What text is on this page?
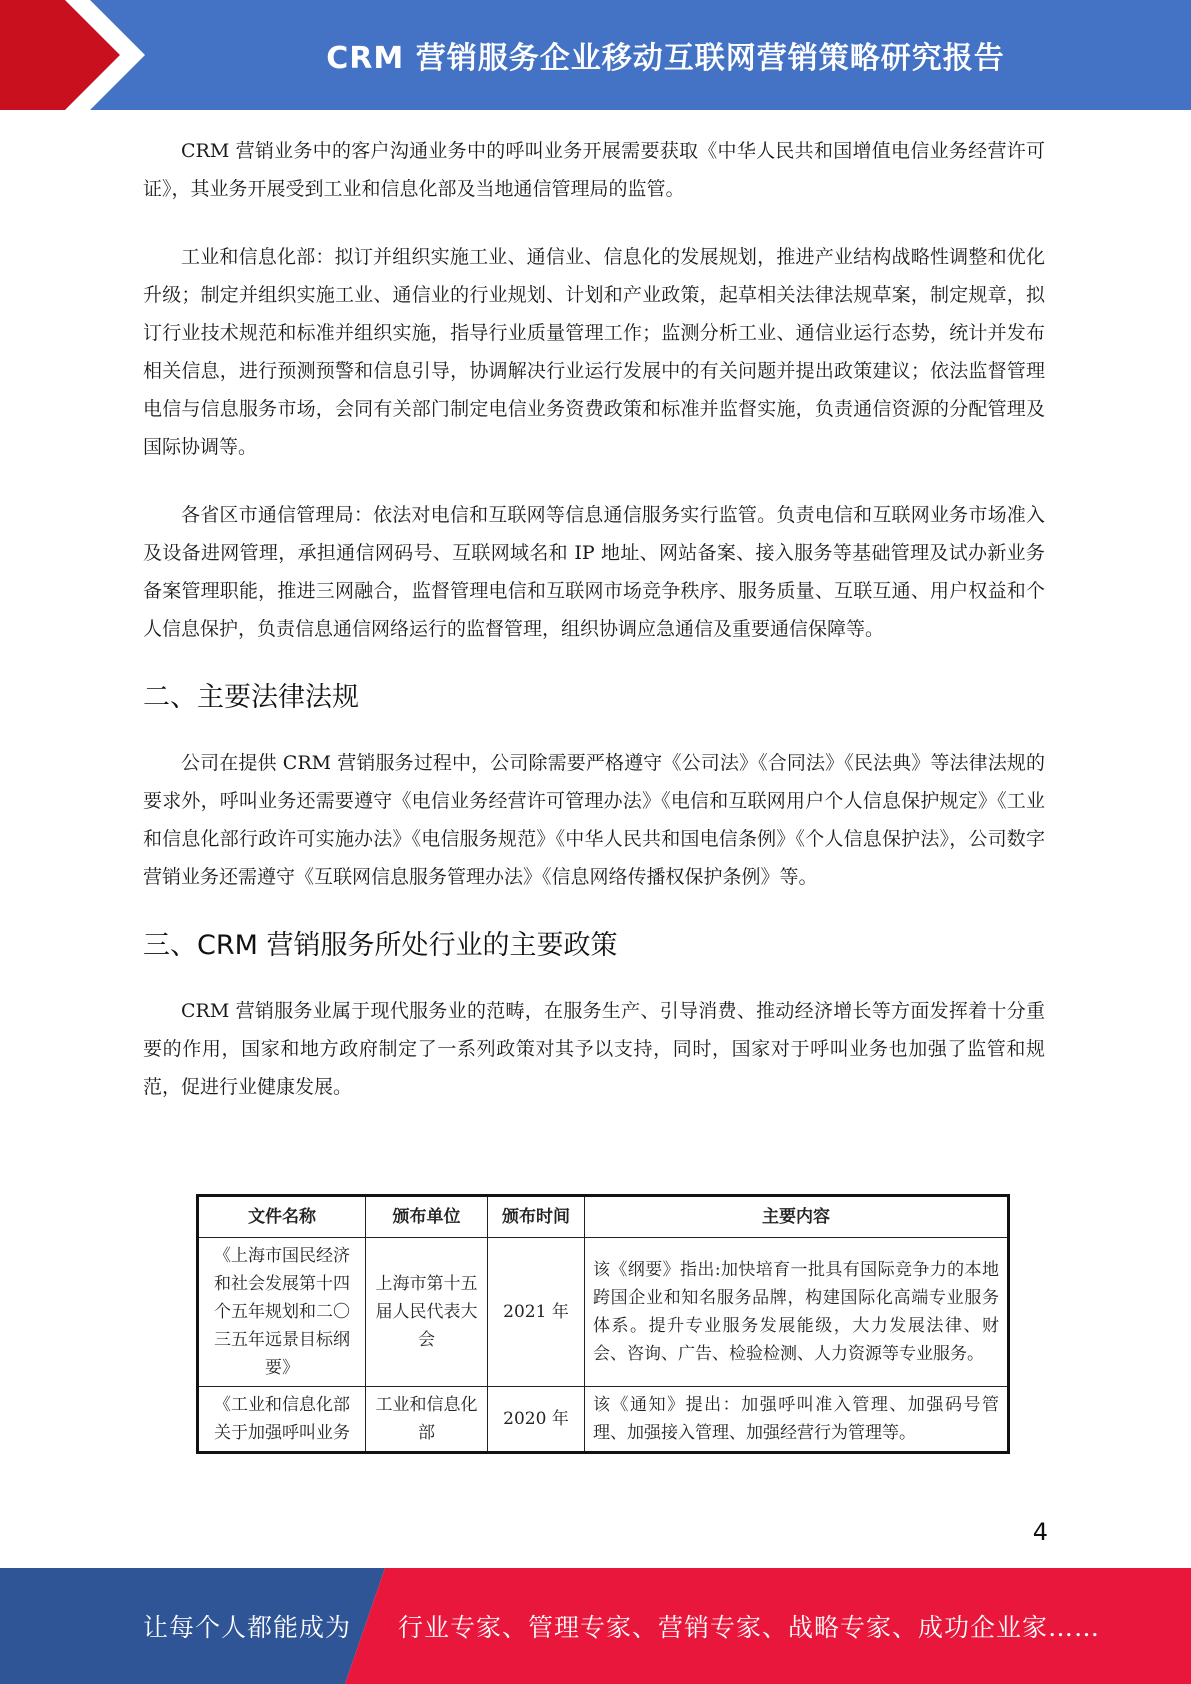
CRM 营销服务企业移动互联网营销策略研究报告

CRM 营销业务中的客户沟通业务中的呼叫业务开展需要获取《中华人民共和国增值电信业务经营许可证》，其业务开展受到工业和信息化部及当地通信管理局的监管。

工业和信息化部：拟订并组织实施工业、通信业、信息化的发展规划，推进产业结构战略性调整和优化升级；制定并组织实施工业、通信业的行业规划、计划和产业政策，起草相关法律法规草案，制定规章，拟订行业技术规范和标准并组织实施，指导行业质量管理工作；监测分析工业、通信业运行态势，统计并发布相关信息，进行预测预警和信息引导，协调解决行业运行发展中的有关问题并提出政策建议；依法监督管理电信与信息服务市场，会同有关部门制定电信业务资费政策和标准并监督实施，负责通信资源的分配管理及国际协调等。

各省区市通信管理局：依法对电信和互联网等信息通信服务实行监管。负责电信和互联网业务市场准入及设备进网管理，承担通信网码号、互联网域名和 IP 地址、网站备案、接入服务等基础管理及试办新业务备案管理职能，推进三网融合，监督管理电信和互联网市场竞争秩序、服务质量、互联互通、用户权益和个人信息保护，负责信息通信网络运行的监督管理，组织协调应急通信及重要通信保障等。

二、主要法律法规

公司在提供 CRM 营销服务过程中，公司除需要严格遵守《公司法》《合同法》《民法典》等法律法规的要求外，呼叫业务还需要遵守《电信业务经营许可管理办法》《电信和互联网用户个人信息保护规定》《工业和信息化部行政许可实施办法》《电信服务规范》《中华人民共和国电信条例》《个人信息保护法》，公司数字营销业务还需遵守《互联网信息服务管理办法》《信息网络传播权保护条例》等。

三、CRM 营销服务所处行业的主要政策

CRM 营销服务业属于现代服务业的范畴，在服务生产、引导消费、推动经济增长等方面发挥着十分重要的作用，国家和地方政府制定了一系列政策对其予以支持，同时，国家对于呼叫业务也加强了监管和规范，促进行业健康发展。

文件名称	颁布单位	颁布时间	主要内容
《上海市国民经济和社会发展第十四个五年规划和二〇三五年远景目标纲要》	上海市第十五届人民代表大会	2021 年	该《纲要》指出:加快培育一批具有国际竞争力的本地跨国企业和知名服务品牌，构建国际化高端专业服务体系。提升专业服务发展能级，大力发展法律、财会、咨询、广告、检验检测、人力资源等专业服务。
《工业和信息化部关于加强呼叫业务	工业和信息化部	2020 年	该《通知》提出：加强呼叫准入管理、加强码号管理、加强接入管理、加强经营行为管理等。
4
让每个人都能成为 行业专家、管理专家、营销专家、战略专家、成功企业家……
